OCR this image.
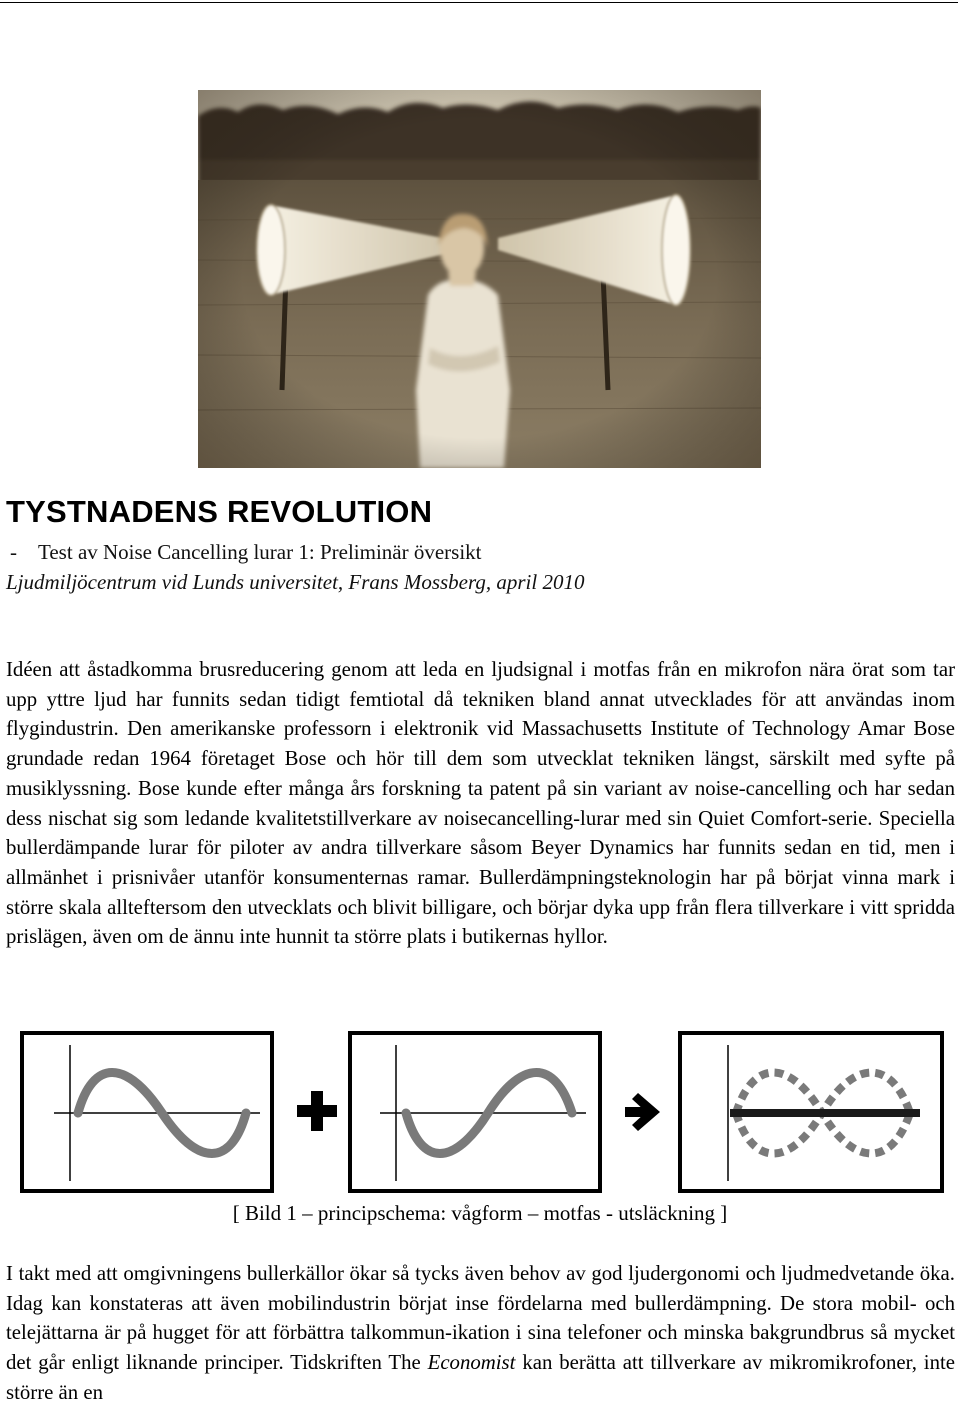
TYSTNADENS REVOLUTION
- Test av Noise Cancelling lurar 1: Preliminär översikt
Ljudmiljöcentrum vid Lunds universitet, Frans Mossberg, april 2010

Idéen att åstadkomma brusreducering genom att leda en ljudsignal i motfas från en mikrofon nära örat som tar upp yttre ljud har funnits sedan tidigt femtiotal då tekniken bland annat utvecklades för att användas inom flygindustrin. Den amerikanske professorn i elektronik vid Massachusetts Institute of Technology Amar Bose grundade redan 1964 företaget Bose och hör till dem som utvecklat tekniken längst, särskilt med syfte på musiklyssning. Bose kunde efter många års forskning ta patent på sin variant av noise-cancelling och har sedan dess nischat sig som ledande kvalitetstillverkare av noisecancelling-lurar med sin Quiet Comfort-serie. Speciella bullerdämpande lurar för piloter av andra tillverkare såsom Beyer Dynamics har funnits sedan en tid, men i allmänhet i prisnivåer utanför konsumenternas ramar. Bullerdämpningsteknologin har på börjat vinna mark i större skala allteftersom den utvecklats och blivit billigare, och börjar dyka upp från flera tillverkare i vitt spridda prislägen, även om de ännu inte hunnit ta större plats i butikernas hyllor.

[ Bild 1 – principschema: vågform – motfas - utsläckning ]

I takt med att omgivningens bullerkällor ökar så tycks även behov av god ljudergonomi och ljudmedvetande öka. Idag kan konstateras att även mobilindustrin börjat inse fördelarna med bullerdämpning. De stora mobil- och telejättarna är på hugget för att förbättra talkommun-ikation i sina telefoner och minska bakgrundbrus så mycket det går enligt liknande principer. Tidskriften The Economist kan berätta att tillverkare av mikromikrofoner, inte större än en
